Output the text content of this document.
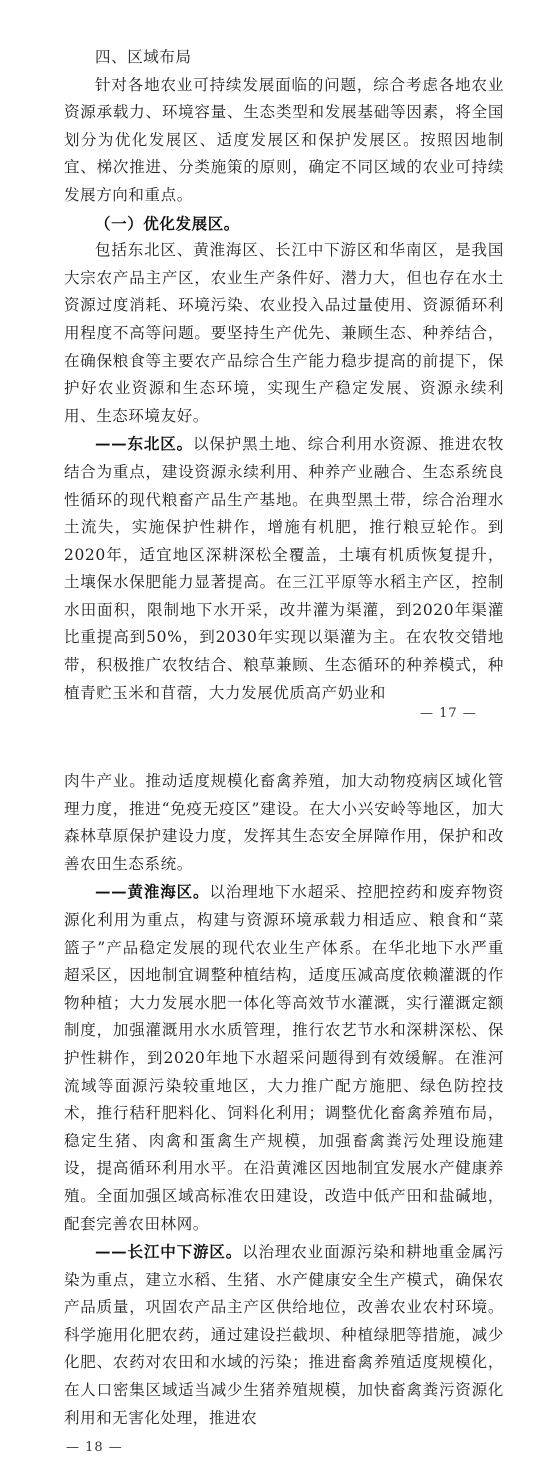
四、区域布局

针对各地农业可持续发展面临的问题，综合考虑各地农业资源承载力、环境容量、生态类型和发展基础等因素，将全国划分为优化发展区、适度发展区和保护发展区。按照因地制宜、梯次推进、分类施策的原则，确定不同区域的农业可持续发展方向和重点。

（一）优化发展区。

包括东北区、黄淮海区、长江中下游区和华南区，是我国大宗农产品主产区，农业生产条件好、潜力大，但也存在水土资源过度消耗、环境污染、农业投入品过量使用、资源循环利用程度不高等问题。要坚持生产优先、兼顾生态、种养结合，在确保粮食等主要农产品综合生产能力稳步提高的前提下，保护好农业资源和生态环境，实现生产稳定发展、资源永续利用、生态环境友好。

——东北区。以保护黑土地、综合利用水资源、推进农牧结合为重点，建设资源永续利用、种养产业融合、生态系统良性循环的现代粮畜产品生产基地。在典型黑土带，综合治理水土流失，实施保护性耕作，增施有机肥，推行粮豆轮作。到2020年，适宜地区深耕深松全覆盖，土壤有机质恢复提升，土壤保水保肥能力显著提高。在三江平原等水稻主产区，控制水田面积，限制地下水开采，改井灌为渠灌，到2020年渠灌比重提高到50%，到2030年实现以渠灌为主。在农牧交错地带，积极推广农牧结合、粮草兼顾、生态循环的种养模式，种植青贮玉米和苜蓿，大力发展优质高产奶业和

— 17 —

肉牛产业。推动适度规模化畜禽养殖，加大动物疫病区域化管理力度，推进“免疫无疫区”建设。在大小兴安岭等地区，加大森林草原保护建设力度，发挥其生态安全屏障作用，保护和改善农田生态系统。

——黄淮海区。以治理地下水超采、控肥控药和废弃物资源化利用为重点，构建与资源环境承载力相适应、粮食和“菜篮子”产品稳定发展的现代农业生产体系。在华北地下水严重超采区，因地制宜调整种植结构，适度压减高度依赖灌溉的作物种植；大力发展水肥一体化等高效节水灌溉，实行灌溉定额制度，加强灌溉用水水质管理，推行农艺节水和深耕深松、保护性耕作，到2020年地下水超采问题得到有效缓解。在淮河流域等面源污染较重地区，大力推广配方施肥、绿色防控技术，推行秸秆肥料化、饲料化利用；调整优化畜禽养殖布局，稳定生猪、肉禽和蛋禽生产规模，加强畜禽粪污处理设施建设，提高循环利用水平。在沿黄滩区因地制宜发展水产健康养殖。全面加强区域高标准农田建设，改造中低产田和盐碱地，配套完善农田林网。

——长江中下游区。以治理农业面源污染和耕地重金属污染为重点，建立水稻、生猪、水产健康安全生产模式，确保农产品质量，巩固农产品主产区供给地位，改善农业农村环境。科学施用化肥农药，通过建设拦截坝、种植绿肥等措施，减少化肥、农药对农田和水域的污染；推进畜禽养殖适度规模化，在人口密集区域适当减少生猪养殖规模，加快畜禽粪污资源化利用和无害化处理，推进农

— 18 —
